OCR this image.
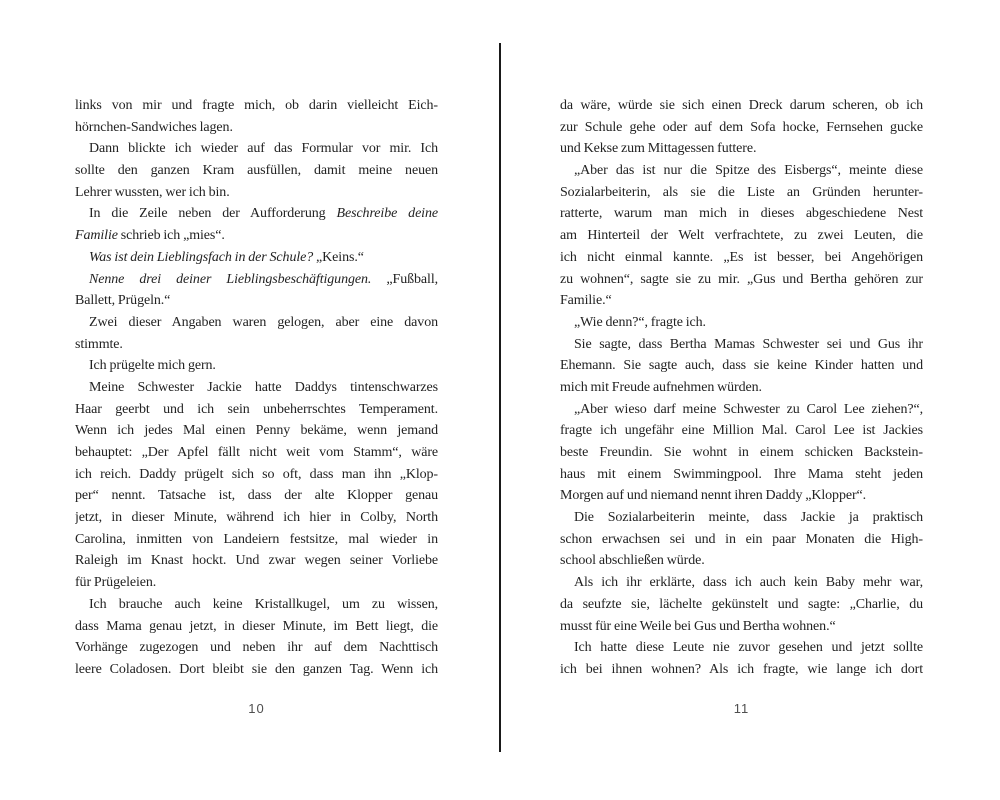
links von mir und fragte mich, ob darin vielleicht Eich-
hörnchen-Sandwiches lagen.
Dann blickte ich wieder auf das Formular vor mir. Ich
sollte den ganzen Kram ausfüllen, damit meine neuen
Lehrer wussten, wer ich bin.
In die Zeile neben der Aufforderung Beschreibe deine
Familie schrieb ich „mies“.
Was ist dein Lieblingsfach in der Schule? „Keins.“
Nenne drei deiner Lieblingsbeschäftigungen. „Fußball,
Ballett, Prügeln.“
Zwei dieser Angaben waren gelogen, aber eine davon
stimmte.
Ich prügelte mich gern.
Meine Schwester Jackie hatte Daddys tintenschwarzes
Haar geerbt und ich sein unbeherrschtes Temperament.
Wenn ich jedes Mal einen Penny bekäme, wenn jemand
behauptet: „Der Apfel fällt nicht weit vom Stamm“, wäre
ich reich. Daddy prügelt sich so oft, dass man ihn „Klop-
per“ nennt. Tatsache ist, dass der alte Klopper genau
jetzt, in dieser Minute, während ich hier in Colby, North
Carolina, inmitten von Landeiern festsitze, mal wieder in
Raleigh im Knast hockt. Und zwar wegen seiner Vorliebe
für Prügeleien.
Ich brauche auch keine Kristallkugel, um zu wissen,
dass Mama genau jetzt, in dieser Minute, im Bett liegt, die
Vorhänge zugezogen und neben ihr auf dem Nachttisch
leere Coladosen. Dort bleibt sie den ganzen Tag. Wenn ich
da wäre, würde sie sich einen Dreck darum scheren, ob ich
zur Schule gehe oder auf dem Sofa hocke, Fernsehen gucke
und Kekse zum Mittagessen futtere.
„Aber das ist nur die Spitze des Eisbergs“, meinte diese
Sozialarbeiterin, als sie die Liste an Gründen herunter-
ratterte, warum man mich in dieses abgeschiedene Nest
am Hinterteil der Welt verfrachtete, zu zwei Leuten, die
ich nicht einmal kannte. „Es ist besser, bei Angehörigen
zu wohnen“, sagte sie zu mir. „Gus und Bertha gehören zur
Familie.“
„Wie denn?“, fragte ich.
Sie sagte, dass Bertha Mamas Schwester sei und Gus ihr
Ehemann. Sie sagte auch, dass sie keine Kinder hatten und
mich mit Freude aufnehmen würden.
„Aber wieso darf meine Schwester zu Carol Lee ziehen?“,
fragte ich ungefähr eine Million Mal. Carol Lee ist Jackies
beste Freundin. Sie wohnt in einem schicken Backstein-
haus mit einem Swimmingpool. Ihre Mama steht jeden
Morgen auf und niemand nennt ihren Daddy „Klopper“.
Die Sozialarbeiterin meinte, dass Jackie ja praktisch
schon erwachsen sei und in ein paar Monaten die High-
school abschließen würde.
Als ich ihr erklärte, dass ich auch kein Baby mehr war,
da seufzte sie, lächelte gekünstelt und sagte: „Charlie, du
musst für eine Weile bei Gus und Bertha wohnen.“
Ich hatte diese Leute nie zuvor gesehen und jetzt sollte
ich bei ihnen wohnen? Als ich fragte, wie lange ich dort
10	11
